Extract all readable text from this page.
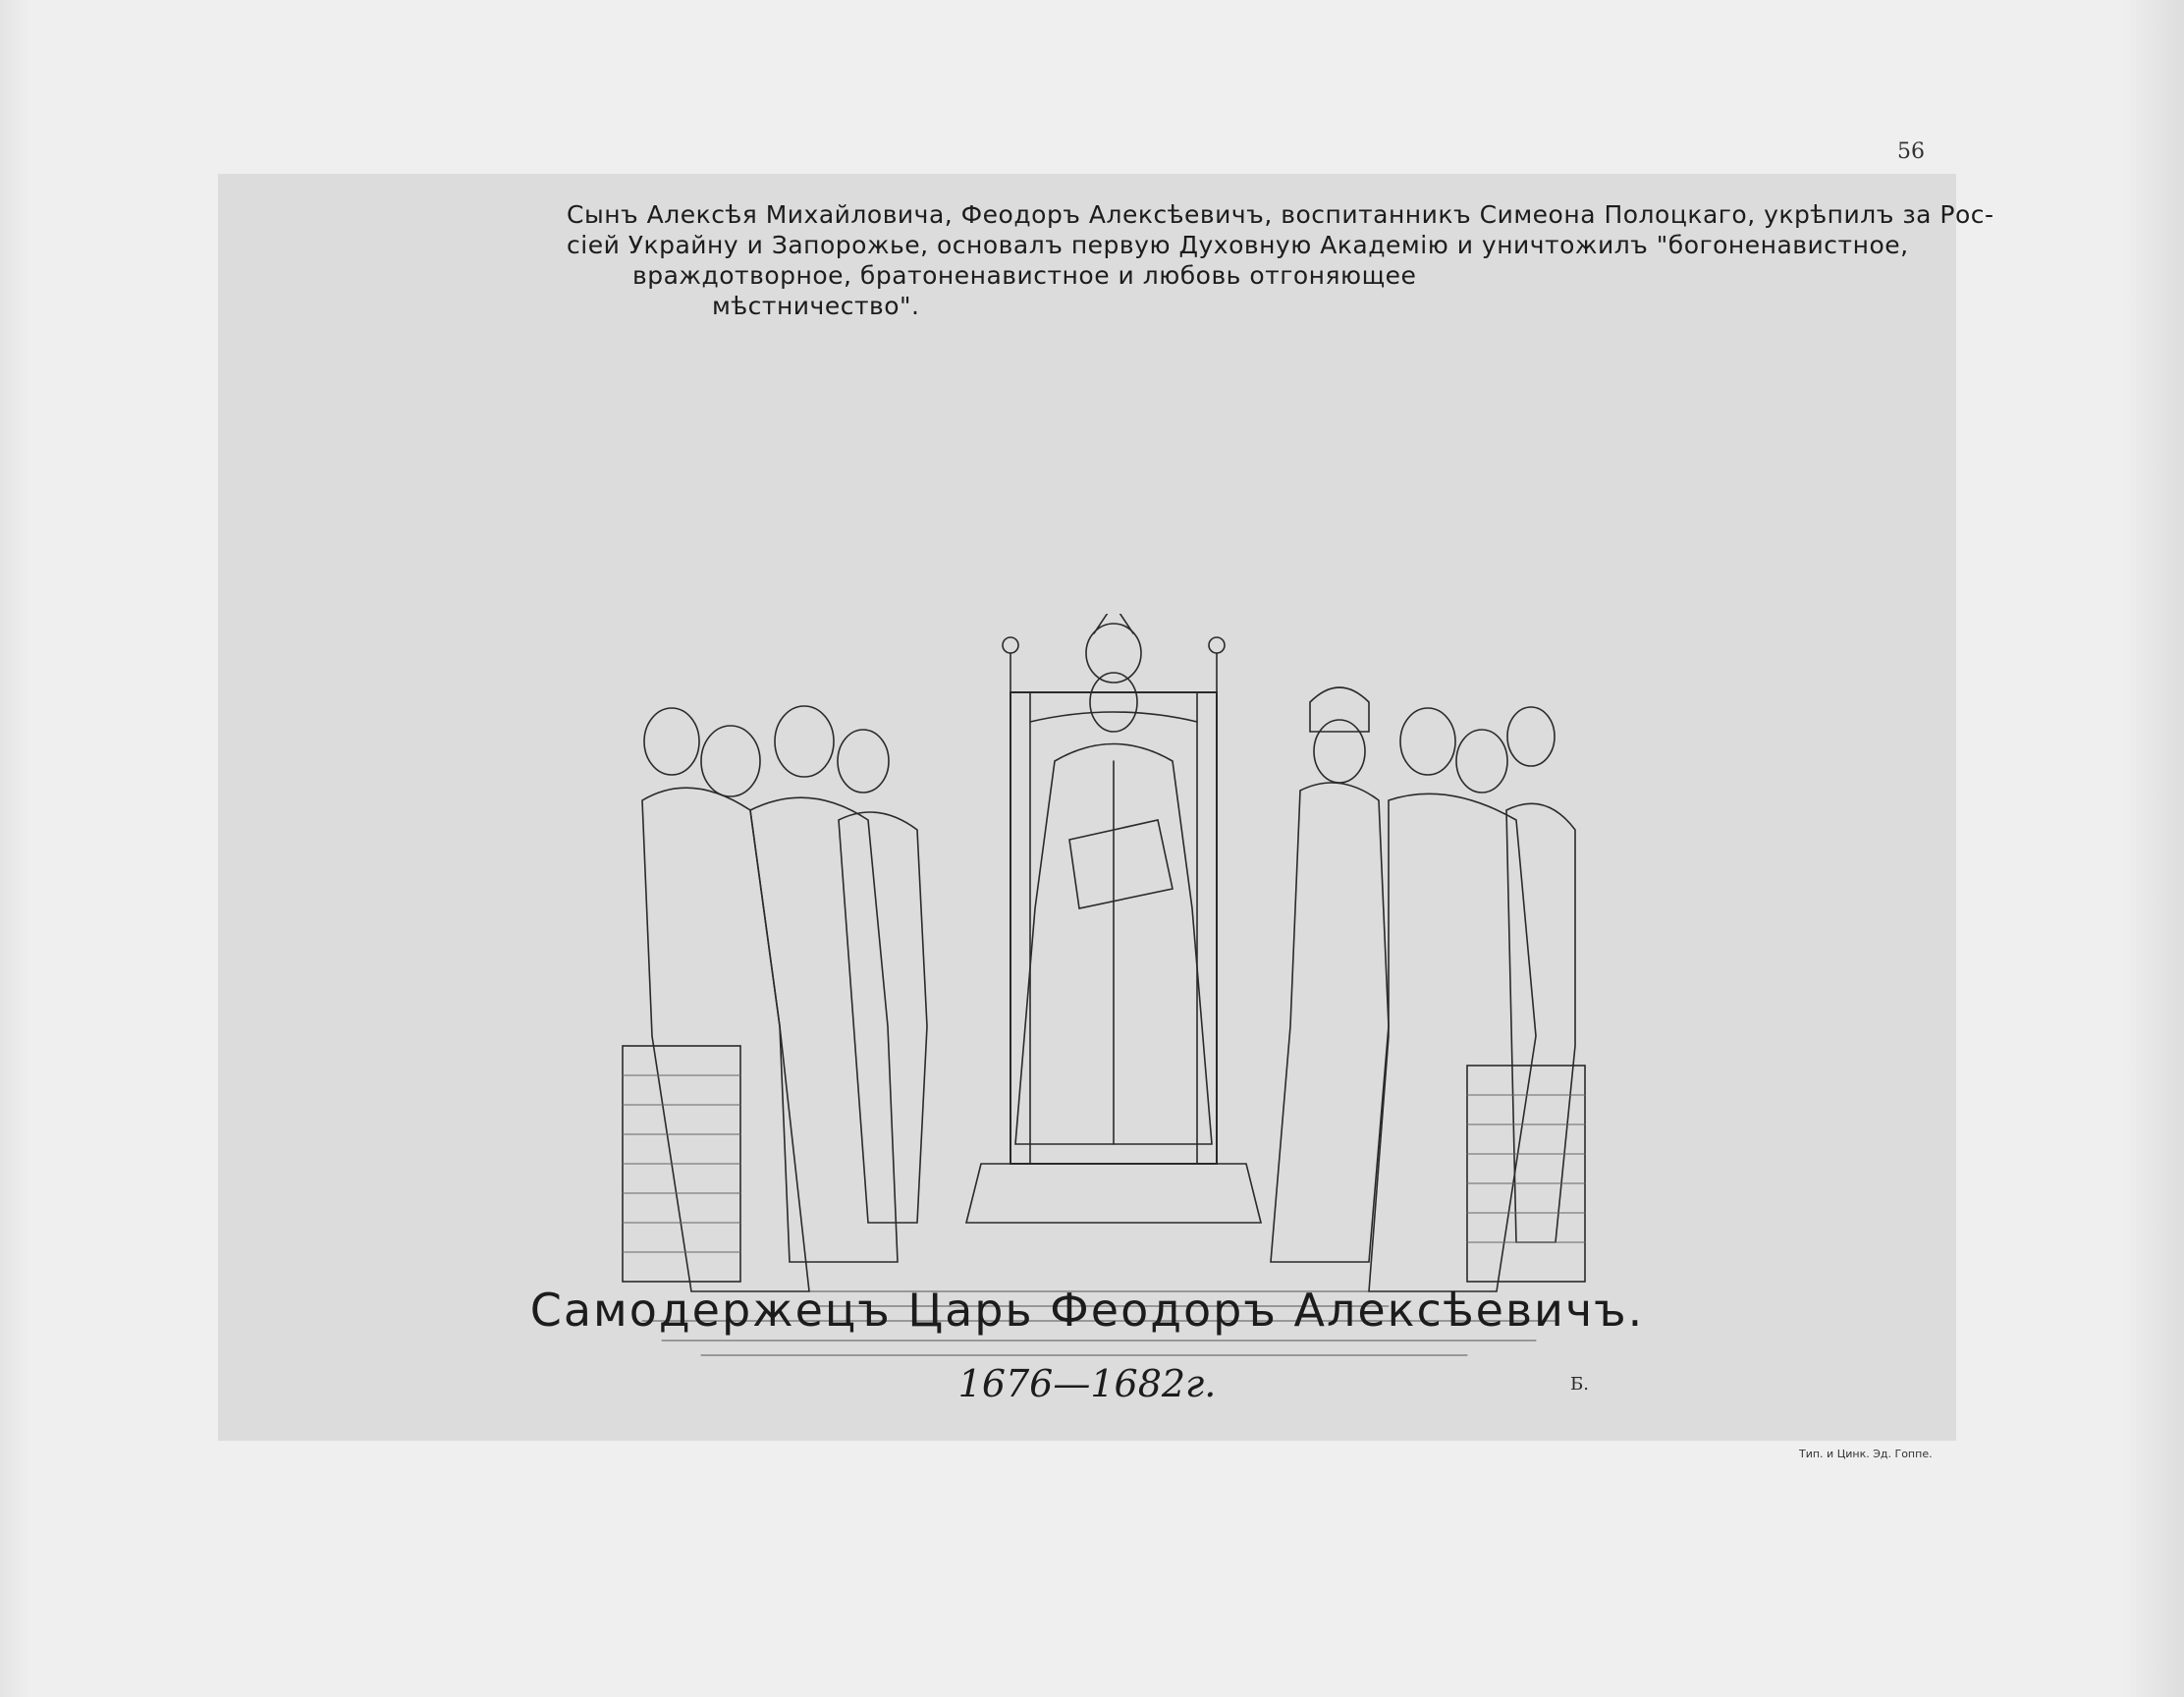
56
Сынъ Алексѣя Михайловича, Феодоръ Алексѣевичъ, воспитанникъ Симеона Полоцкаго, укрѣпилъ за Рос-
сіей Украйну и Запорожье, основалъ первую Духовную Академію и уничтожилъ "богоненавистное,
враждотворное, братоненавистное и любовь отгоняющее
мѣстничество".
Б.
Самодержецъ Царь Феодоръ Алексѣевичъ.
1676—1682г.
Тип. и Цинк. Эд. Гоппе.
